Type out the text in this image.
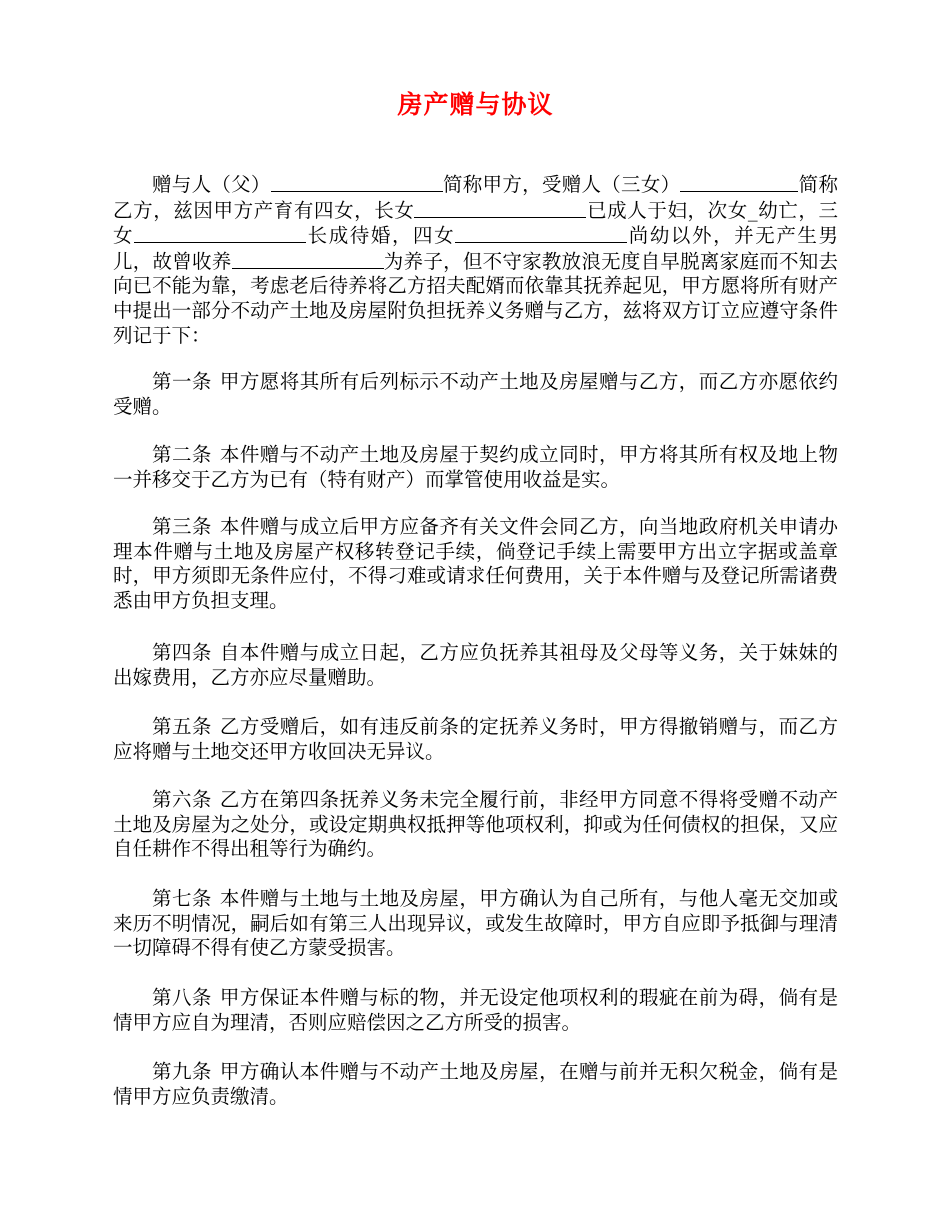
房产赠与协议
赠与人（父）	简称甲方，受赠人（三女）	简称乙方，兹因甲方产育有四女，长女	已成人于妇，次女_幼亡，三女	长成待婚，四女	尚幼以外，并无产生男儿，故曾收养	为养子，但不守家教放浪无度自早脱离家庭而不知去向已不能为靠，考虑老后待养将乙方招夫配婿而依靠其抚养起见，甲方愿将所有财产中提出一部分不动产土地及房屋附负担抚养义务赠与乙方，兹将双方订立应遵守条件列记于下：
第一条 甲方愿将其所有后列标示不动产土地及房屋赠与乙方，而乙方亦愿依约受赠。
第二条 本件赠与不动产土地及房屋于契约成立同时，甲方将其所有权及地上物一并移交于乙方为已有（特有财产）而掌管使用收益是实。
第三条 本件赠与成立后甲方应备齐有关文件会同乙方，向当地政府机关申请办理本件赠与土地及房屋产权移转登记手续，倘登记手续上需要甲方出立字据或盖章时，甲方须即无条件应付，不得刁难或请求任何费用，关于本件赠与及登记所需诸费悉由甲方负担支理。
第四条 自本件赠与成立日起，乙方应负抚养其祖母及父母等义务，关于妹妹的出嫁费用，乙方亦应尽量赠助。
第五条 乙方受赠后，如有违反前条的定抚养义务时，甲方得撤销赠与，而乙方应将赠与土地交还甲方收回决无异议。
第六条 乙方在第四条抚养义务未完全履行前，非经甲方同意不得将受赠不动产土地及房屋为之处分，或设定期典权抵押等他项权利，抑或为任何债权的担保，又应自任耕作不得出租等行为确约。
第七条 本件赠与土地与土地及房屋，甲方确认为自己所有，与他人毫无交加或来历不明情况，嗣后如有第三人出现异议，或发生故障时，甲方自应即予抵御与理清一切障碍不得有使乙方蒙受损害。
第八条 甲方保证本件赠与标的物，并无设定他项权利的瑕疵在前为碍，倘有是情甲方应自为理清，否则应赔偿因之乙方所受的损害。
第九条 甲方确认本件赠与不动产土地及房屋，在赠与前并无积欠税金，倘有是情甲方应负责缴清。
